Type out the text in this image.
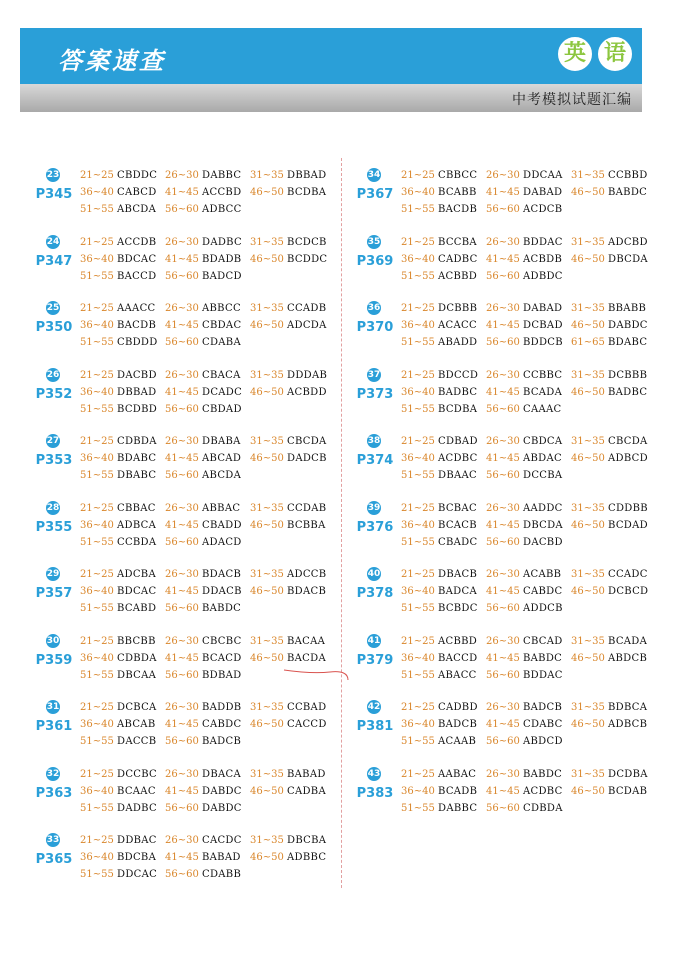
答案速查	英 语
中考模拟试题汇编
23
P345
21~25 CBDDC 26~30 DABBC 31~35 DBBAD
36~40 CABCD 41~45 ACCBD 46~50 BCDBA
51~55 ABCDA 56~60 ADBCC
24
P347
21~25 ACCDB 26~30 DADBC 31~35 BCDCB
36~40 BDCAC 41~45 BDADB 46~50 BCDDC
51~55 BACCD 56~60 BADCD
25
P350
21~25 AAACC 26~30 ABBCC 31~35 CCADB
36~40 BACDB 41~45 CBDAC 46~50 ADCDA
51~55 CBDDD 56~60 CDABA
26
P352
21~25 DACBD 26~30 CBACA 31~35 DDDAB
36~40 DBBAD 41~45 DCADC 46~50 ACBDD
51~55 BCDBD 56~60 CBDAD
27
P353
21~25 CDBDA 26~30 DBABA 31~35 CBCDA
36~40 BDABC 41~45 ABCAD 46~50 DADCB
51~55 DBABC 56~60 ABCDA
28
P355
21~25 CBBAC 26~30 ABBAC 31~35 CCDAB
36~40 ADBCA 41~45 CBADD 46~50 BCBBA
51~55 CCBDA 56~60 ADACD
29
P357
21~25 ADCBA 26~30 BDACB 31~35 ADCCB
36~40 BDCAC 41~45 DDACB 46~50 BDACB
51~55 BCABD 56~60 BABDC
30
P359
21~25 BBCBB 26~30 CBCBC 31~35 BACAA
36~40 CDBDA 41~45 BCACD 46~50 BACDA
51~55 DBCAA 56~60 BDBAD
31
P361
21~25 DCBCA 26~30 BADDB 31~35 CCBAD
36~40 ABCAB 41~45 CABDC 46~50 CACCD
51~55 DACCB 56~60 BADCB
32
P363
21~25 DCCBC 26~30 DBACA 31~35 BABAD
36~40 BCAAC 41~45 DABDC 46~50 CADBA
51~55 DADBC 56~60 DABDC
33
P365
21~25 DDBAC 26~30 CACDC 31~35 DBCBA
36~40 BDCBA 41~45 BABAD 46~50 ADBBC
51~55 DDCAC 56~60 CDABB
34
P367
21~25 CBBCC 26~30 DDCAA 31~35 CCBBD
36~40 BCABB 41~45 DABAD 46~50 BABDC
51~55 BACDB 56~60 ACDCB
35
P369
21~25 BCCBA 26~30 BDDAC 31~35 ADCBD
36~40 CADBC 41~45 ACBDB 46~50 DBCDA
51~55 ACBBD 56~60 ADBDC
36
P370
21~25 DCBBB 26~30 DABAD 31~35 BBABB
36~40 ACACC 41~45 DCBAD 46~50 DABDC
51~55 ABADD 56~60 BDDCB 61~65 BDABC
37
P373
21~25 BDCCD 26~30 CCBBC 31~35 DCBBB
36~40 BADBC 41~45 BCADA 46~50 BADBC
51~55 BCDBA 56~60 CAAAC
38
P374
21~25 CDBAD 26~30 CBDCA 31~35 CBCDA
36~40 ACDBC 41~45 ABDAC 46~50 ADBCD
51~55 DBAAC 56~60 DCCBA
39
P376
21~25 BCBAC 26~30 AADDC 31~35 CDDBB
36~40 BCACB 41~45 DBCDA 46~50 BCDAD
51~55 CBADC 56~60 DACBD
40
P378
21~25 DBACB 26~30 ACABB 31~35 CCADC
36~40 BADCA 41~45 CABDC 46~50 DCBCD
51~55 BCBDC 56~60 ADDCB
41
P379
21~25 ACBBD 26~30 CBCAD 31~35 BCADA
36~40 BACCD 41~45 BABDC 46~50 ABDCB
51~55 ABACC 56~60 BDDAC
42
P381
21~25 CADBD 26~30 BADCB 31~35 BDBCA
36~40 BADCB 41~45 CDABC 46~50 ADBCB
51~55 ACAAB 56~60 ABDCD
43
P383
21~25 AABAC 26~30 BABDC 31~35 DCDBA
36~40 BCADB 41~45 ACDBC 46~50 BCDAB
51~55 DABBC 56~60 CDBDA
